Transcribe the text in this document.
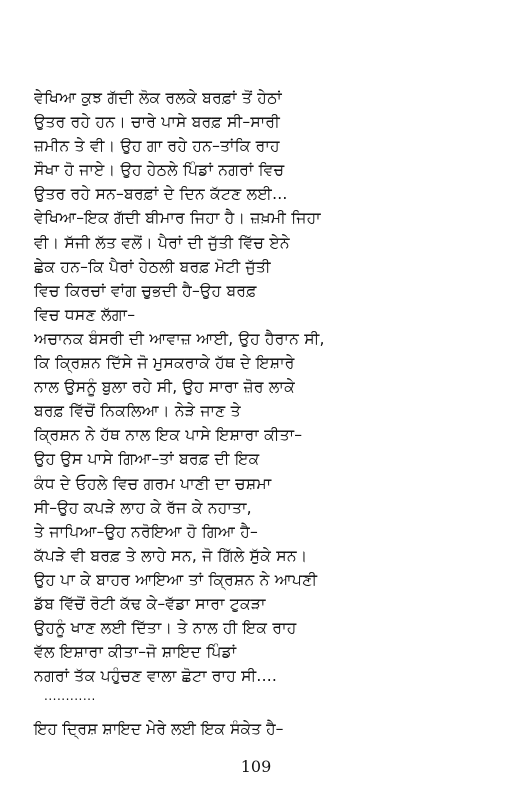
ਵੇਖਿਆ ਕੁਝ ਗੱਦੀ ਲੋਕ ਰਲਕੇ ਬਰਫ਼ਾਂ ਤੋਂ ਹੇਠਾਂ
ਉਤਰ ਰਹੇ ਹਨ। ਚਾਰੇ ਪਾਸੇ ਬਰਫ਼ ਸੀ–ਸਾਰੀ
ਜ਼ਮੀਨ ਤੇ ਵੀ। ਉਹ ਗਾ ਰਹੇ ਹਨ–ਤਾਂਕਿ ਰਾਹ
ਸੌਖਾ ਹੋ ਜਾਏ। ਉਹ ਹੇਠਲੇ ਪਿੰਡਾਂ ਨਗਰਾਂ ਵਿਚ
ਉਤਰ ਰਹੇ ਸਨ–ਬਰਫ਼ਾਂ ਦੇ ਦਿਨ ਕੱਟਣ ਲਈ...
ਵੇਖਿਆ–ਇਕ ਗੱਦੀ ਬੀਮਾਰ ਜਿਹਾ ਹੈ। ਜ਼ਖ਼ਮੀ ਜਿਹਾ
ਵੀ। ਸੱਜੀ ਲੱਤ ਵਲੋਂ। ਪੈਰਾਂ ਦੀ ਜੁੱਤੀ ਵਿੱਚ ਏਨੇ
ਛੇਕ ਹਨ–ਕਿ ਪੈਰਾਂ ਹੇਠਲੀ ਬਰਫ਼ ਮੋਟੀ ਜੁੱਤੀ
ਵਿਚ ਕਿਰਚਾਂ ਵਾਂਗ ਚੁਭਦੀ ਹੈ–ਉਹ ਬਰਫ਼
ਵਿਚ ਧਸਣ ਲੱਗਾ–
ਅਚਾਨਕ ਬੰਸਰੀ ਦੀ ਆਵਾਜ਼ ਆਈ, ਉਹ ਹੈਰਾਨ ਸੀ,
ਕਿ ਕ੍ਰਿਸ਼ਨ ਦਿੱਸੇ ਜੋ ਮੁਸਕਰਾਕੇ ਹੱਥ ਦੇ ਇਸ਼ਾਰੇ
ਨਾਲ ਉਸਨੂੰ ਬੁਲਾ ਰਹੇ ਸੀ, ਉਹ ਸਾਰਾ ਜ਼ੋਰ ਲਾਕੇ
ਬਰਫ਼ ਵਿੱਚੋਂ ਨਿਕਲਿਆ। ਨੇੜੇ ਜਾਣ ਤੇ
ਕ੍ਰਿਸ਼ਨ ਨੇ ਹੱਥ ਨਾਲ ਇਕ ਪਾਸੇ ਇਸ਼ਾਰਾ ਕੀਤਾ–
ਉਹ ਉਸ ਪਾਸੇ ਗਿਆ–ਤਾਂ ਬਰਫ਼ ਦੀ ਇਕ
ਕੰਧ ਦੇ ਓਹਲੇ ਵਿਚ ਗਰਮ ਪਾਣੀ ਦਾ ਚਸ਼ਮਾ
ਸੀ–ਉਹ ਕਪੜੇ ਲਾਹ ਕੇ ਰੱਜ ਕੇ ਨਹਾਤਾ,
ਤੇ ਜਾਪਿਆ–ਉਹ ਨਰੋਇਆ ਹੋ ਗਿਆ ਹੈ–
ਕੱਪੜੇ ਵੀ ਬਰਫ਼ ਤੇ ਲਾਹੇ ਸਨ, ਜੋ ਗਿੱਲੇ ਸੁੱਕੇ ਸਨ।
ਉਹ ਪਾ ਕੇ ਬਾਹਰ ਆਇਆ ਤਾਂ ਕ੍ਰਿਸ਼ਨ ਨੇ ਆਪਣੀ
ਡੱਬ ਵਿੱਚੋਂ ਰੋਟੀ ਕੱਢ ਕੇ–ਵੱਡਾ ਸਾਰਾ ਟੁਕੜਾ
ਉਹਨੂੰ ਖਾਣ ਲਈ ਦਿੱਤਾ। ਤੇ ਨਾਲ ਹੀ ਇਕ ਰਾਹ
ਵੱਲ ਇਸ਼ਾਰਾ ਕੀਤਾ–ਜੋ ਸ਼ਾਇਦ ਪਿੰਡਾਂ
ਨਗਰਾਂ ਤੱਕ ਪਹੁੰਚਣ ਵਾਲਾ ਛੋਟਾ ਰਾਹ ਸੀ....
............
ਇਹ ਦ੍ਰਿਸ਼ ਸ਼ਾਇਦ ਮੇਰੇ ਲਈ ਇਕ ਸੰਕੇਤ ਹੈ–
109
